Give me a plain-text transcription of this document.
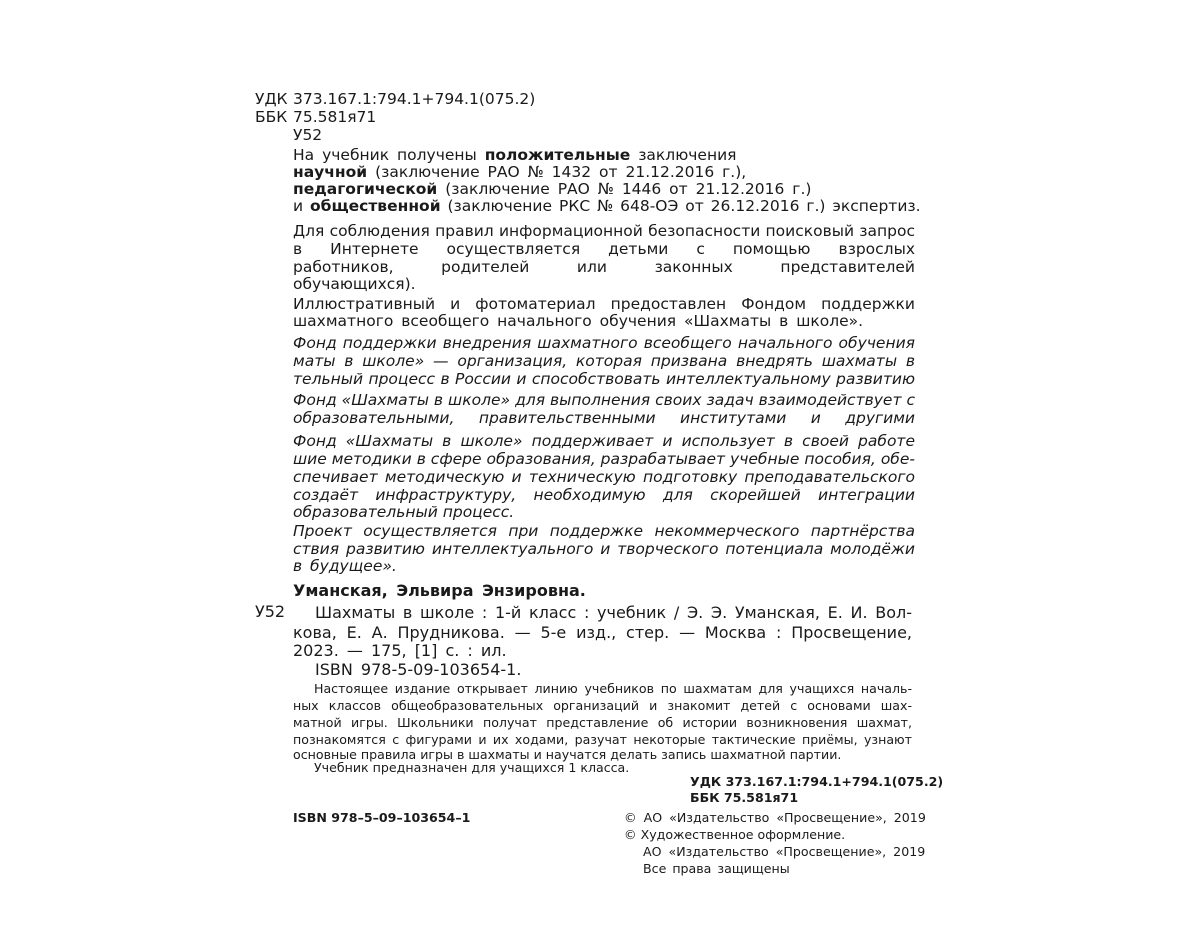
УДК 373.167.1:794.1+794.1(075.2)
ББК 75.581я71
У52
На учебник получены положительные заключения
научной (заключение РАО № 1432 от 21.12.2016 г.),
педагогической (заключение РАО № 1446 от 21.12.2016 г.)
и общественной (заключение РКС № 648-ОЭ от 26.12.2016 г.) экспертиз.
Для соблюдения правил информационной безопасности поисковый запрос
в Интернете осуществляется детьми с помощью взрослых
работников, родителей или законных представителей
обучающихся).
Иллюстративный и фотоматериал предоставлен Фондом поддержки
шахматного всеобщего начального обучения «Шахматы в школе».
Фонд поддержки внедрения шахматного всеобщего начального обучения
маты в школе» — организация, которая призвана внедрять шахматы в
тельный процесс в России и способствовать интеллектуальному развитию
Фонд «Шахматы в школе» для выполнения своих задач взаимодействует с
образовательными, правительственными институтами и другими
Фонд «Шахматы в школе» поддерживает и использует в своей работе
шие методики в сфере образования, разрабатывает учебные пособия, обе-
спечивает методическую и техническую подготовку преподавательского
создаёт инфраструктуру, необходимую для скорейшей интеграции
образовательный процесс.
Проект осуществляется при поддержке некоммерческого партнёрства
ствия развитию интеллектуального и творческого потенциала молодёжи
в будущее».
Уманская, Эльвира Энзировна.
У52 Шахматы в школе : 1-й класс : учебник / Э. Э. Уманская, Е. И. Вол-
кова, Е. А. Прудникова. — 5-е изд., стер. — Москва : Просвещение,
2023. — 175, [1] с. : ил.
ISBN 978-5-09-103654-1.
Настоящее издание открывает линию учебников по шахматам для учащихся началь-
ных классов общеобразовательных организаций и знакомит детей с основами шах-
матной игры. Школьники получат представление об истории возникновения шахмат,
познакомятся с фигурами и их ходами, разучат некоторые тактические приёмы, узнают
основные правила игры в шахматы и научатся делать запись шахматной партии.
Учебник предназначен для учащихся 1 класса.
УДК 373.167.1:794.1+794.1(075.2)
ББК 75.581я71
ISBN 978–5–09–103654–1	© АО «Издательство «Просвещение», 2019
© Художественное оформление.
АО «Издательство «Просвещение», 2019
Все права защищены
